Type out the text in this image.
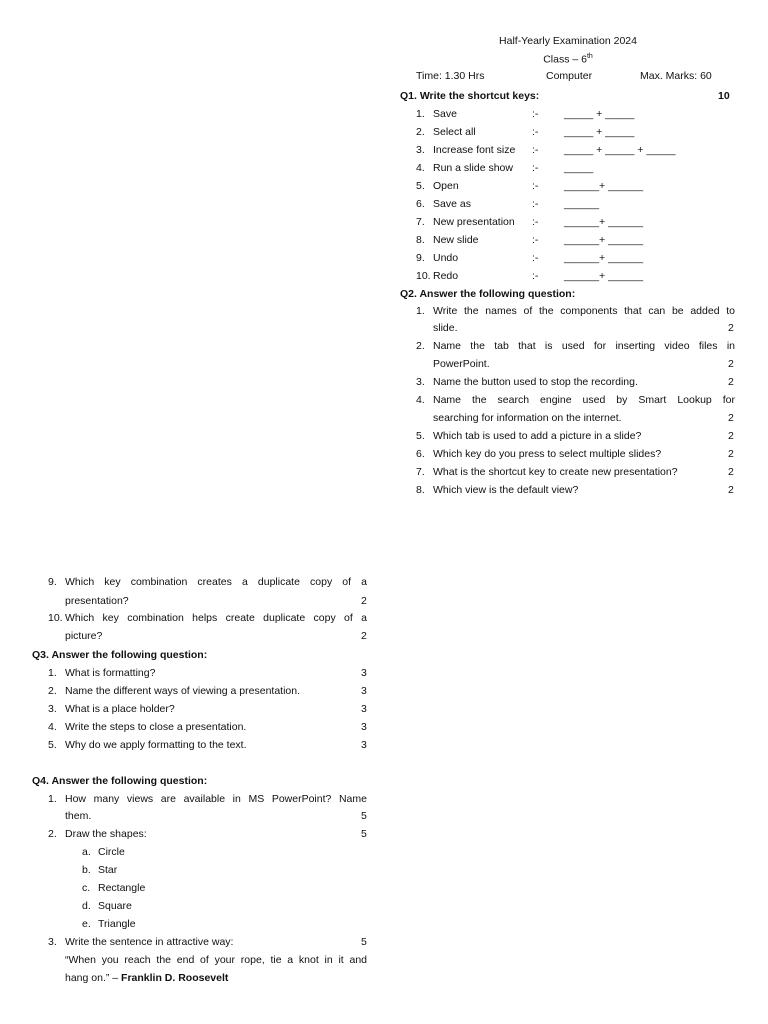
Half-Yearly Examination 2024
Class – 6th
Time: 1.30 Hrs	Computer	Max. Marks: 60
Q1. Write the shortcut keys:	10
1. Save	:- _____ + _____
2. Select all	:- _____ + _____
3. Increase font size :- _____ + _____ + _____
4. Run a slide show :- _____
5. Open	:- ______+ ______
6. Save as	:- ______
7. New presentation :- ______+ ______
8. New slide	:- ______+ ______
9. Undo	:- ______+ ______
10. Redo	:- ______+ ______
Q2. Answer the following question:
1. Write the names of the components that can be added to
slide.	2
2. Name the tab that is used for inserting video files in
PowerPoint.	2
3. Name the button used to stop the recording.	2
4. Name the search engine used by Smart Lookup for
searching for information on the internet.	2
5. Which tab is used to add a picture in a slide?	2
6. Which key do you press to select multiple slides?	2
7. What is the shortcut key to create new presentation?	2
8. Which view is the default view?	2
9. Which key combination creates a duplicate copy of a
presentation?	2
10. Which key combination helps create duplicate copy of a
picture?	2
Q3. Answer the following question:
1. What is formatting?	3
2. Name the different ways of viewing a presentation.	3
3. What is a place holder?	3
4. Write the steps to close a presentation.	3
5. Why do we apply formatting to the text.	3
Q4. Answer the following question:
1. How many views are available in MS PowerPoint? Name
them.	5
2. Draw the shapes:	5
a. Circle
b. Star
c. Rectangle
d. Square
e. Triangle
3. Write the sentence in attractive way:	5
“When you reach the end of your rope, tie a knot in it and
hang on.” – Franklin D. Roosevelt
